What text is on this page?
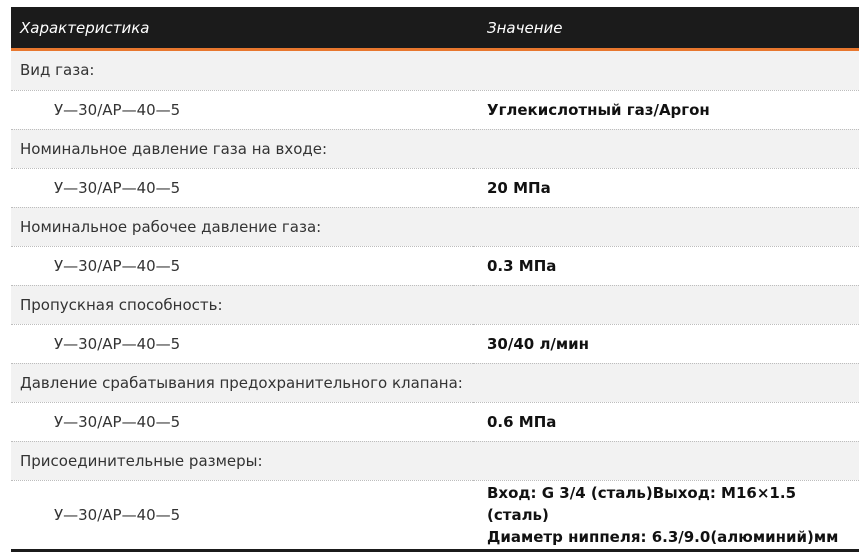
Характеристика	Значение
Вид газа:	
У—30/АР—40—5	Углекислотный газ/Аргон
Номинальное давление газа на входе:	
У—30/АР—40—5	20 МПа
Номинальное рабочее давление газа:	
У—30/АР—40—5	0.3 МПа
Пропускная способность:	
У—30/АР—40—5	30/40 л/мин
Давление срабатывания предохранительного клапана:	
У—30/АР—40—5	0.6 МПа
Присоединительные размеры:	
У—30/АР—40—5	Вход: G 3/4 (сталь)Выход: М16×1.5 (сталь)
Диаметр ниппеля: 6.3/9.0(алюминий)мм
